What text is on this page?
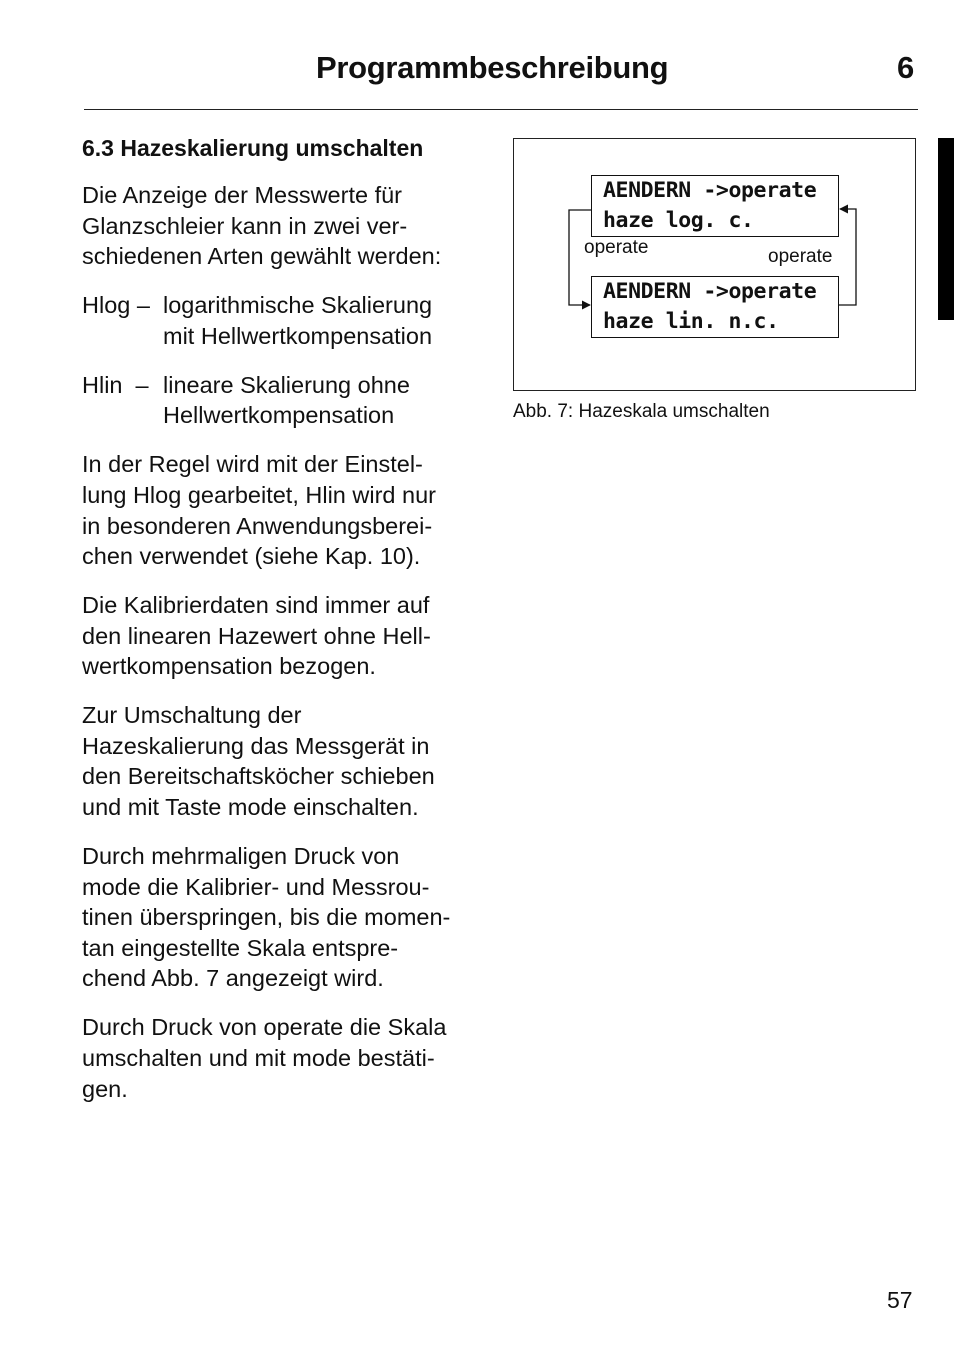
Programmbeschreibung	6
6.3 Hazeskalierung umschalten
Die Anzeige der Messwerte für
Glanzschleier kann in zwei ver-
schiedenen Arten gewählt werden:
Hlog – logarithmische Skalierung
mit Hellwertkompensation
Hlin  – lineare Skalierung ohne
Hellwertkompensation
In der Regel wird mit der Einstel-
lung Hlog gearbeitet, Hlin wird nur
in besonderen Anwendungsberei-
chen verwendet (siehe Kap. 10).
Die Kalibrierdaten sind immer auf
den linearen Hazewert ohne Hell-
wertkompensation bezogen.
Zur Umschaltung der
Hazeskalierung das Messgerät in
den Bereitschaftsköcher schieben
und mit Taste mode einschalten.
Durch mehrmaligen Druck von
mode die Kalibrier- und Messrou-
tinen überspringen, bis die momen-
tan eingestellte Skala entspre-
chend Abb. 7 angezeigt wird.
Durch Druck von operate die Skala
umschalten und mit mode bestäti-
gen.
AENDERN ->operate
haze log. c.
AENDERN ->operate
haze lin. n.c.
operate	operate
Abb. 7: Hazeskala umschalten
57
